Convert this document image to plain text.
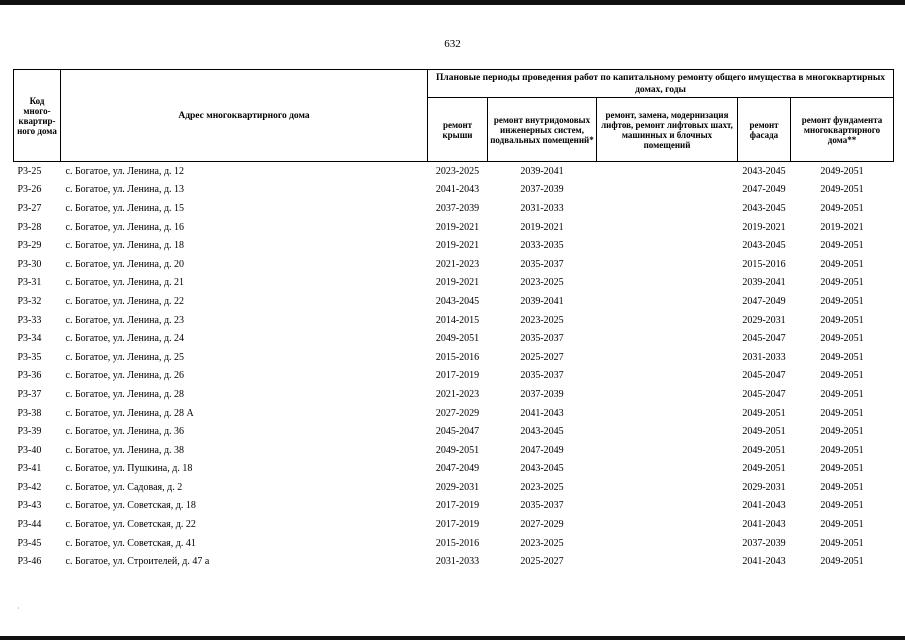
632
Код много-квартир-ного дома	Адрес многоквартирного дома	Плановые периоды проведения работ по капитальному ремонту общего имущества в многоквартирных домах, годы				
		ремонт крыши	ремонт внутридомовых инженерных систем, подвальных помещений*	ремонт, замена, модернизация лифтов, ремонт лифтовых шахт, машинных и блочных помещений	ремонт фасада	ремонт фундамента многоквартирного дома**
Р3-25	с. Богатое, ул. Ленина, д. 12	2023-2025	2039-2041		2043-2045	2049-2051
Р3-26	с. Богатое, ул. Ленина, д. 13	2041-2043	2037-2039		2047-2049	2049-2051
Р3-27	с. Богатое, ул. Ленина, д. 15	2037-2039	2031-2033		2043-2045	2049-2051
Р3-28	с. Богатое, ул. Ленина, д. 16	2019-2021	2019-2021		2019-2021	2019-2021
Р3-29	с. Богатое, ул. Ленина, д. 18	2019-2021	2033-2035		2043-2045	2049-2051
Р3-30	с. Богатое, ул. Ленина, д. 20	2021-2023	2035-2037		2015-2016	2049-2051
Р3-31	с. Богатое, ул. Ленина, д. 21	2019-2021	2023-2025		2039-2041	2049-2051
Р3-32	с. Богатое, ул. Ленина, д. 22	2043-2045	2039-2041		2047-2049	2049-2051
Р3-33	с. Богатое, ул. Ленина, д. 23	2014-2015	2023-2025		2029-2031	2049-2051
Р3-34	с. Богатое, ул. Ленина, д. 24	2049-2051	2035-2037		2045-2047	2049-2051
Р3-35	с. Богатое, ул. Ленина, д. 25	2015-2016	2025-2027		2031-2033	2049-2051
Р3-36	с. Богатое, ул. Ленина, д. 26	2017-2019	2035-2037		2045-2047	2049-2051
Р3-37	с. Богатое, ул. Ленина, д. 28	2021-2023	2037-2039		2045-2047	2049-2051
Р3-38	с. Богатое, ул. Ленина, д. 28 А	2027-2029	2041-2043		2049-2051	2049-2051
Р3-39	с. Богатое, ул. Ленина, д. 36	2045-2047	2043-2045		2049-2051	2049-2051
Р3-40	с. Богатое, ул. Ленина, д. 38	2049-2051	2047-2049		2049-2051	2049-2051
Р3-41	с. Богатое, ул. Пушкина, д. 18	2047-2049	2043-2045		2049-2051	2049-2051
Р3-42	с. Богатое, ул. Садовая, д. 2	2029-2031	2023-2025		2029-2031	2049-2051
Р3-43	с. Богатое, ул. Советская, д. 18	2017-2019	2035-2037		2041-2043	2049-2051
Р3-44	с. Богатое, ул. Советская, д. 22	2017-2019	2027-2029		2041-2043	2049-2051
Р3-45	с. Богатое, ул. Советская, д. 41	2015-2016	2023-2025		2037-2039	2049-2051
Р3-46	с. Богатое, ул. Строителей, д. 47 а	2031-2033	2025-2027		2041-2043	2049-2051
·
